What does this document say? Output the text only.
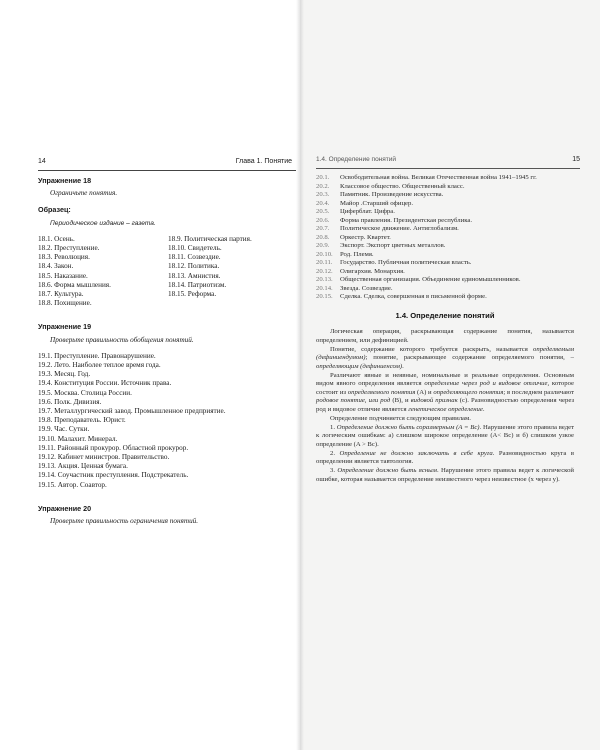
14	Глава 1. Понятие
Упражнение 18
Ограничьте понятия.
Образец:
Периодическое издание – газета.
18.1. Осень.
18.2. Преступление.
18.3. Революция.
18.4. Закон.
18.5. Наказание.
18.6. Форма мышления.
18.7. Культура.
18.8. Похищение.
18.9. Политическая партия.
18.10. Свидетель.
18.11. Созвездие.
18.12. Политика.
18.13. Амнистия.
18.14. Патриотизм.
18.15. Реформа.
Упражнение 19
Проверьте правильность обобщения понятий.
19.1. Преступление. Правонарушение.
19.2. Лето. Наиболее теплое время года.
19.3. Месяц. Год.
19.4. Конституция России. Источник права.
19.5. Москва. Столица России.
19.6. Полк. Дивизия.
19.7. Металлургический завод. Промышленное предприятие.
19.8. Преподаватель. Юрист.
19.9. Час. Сутки.
19.10. Малахит. Минерал.
19.11. Районный прокурор. Областной прокурор.
19.12. Кабинет министров. Правительство.
19.13. Акция. Ценная бумага.
19.14. Соучастник преступления. Подстрекатель.
19.15. Автор. Соавтор.
Упражнение 20
Проверьте правильность ограничения понятий.
1.4. Определение понятий	15
20.1.	Освободительная война. Великая Отечественная война 1941–1945 гг.
20.2.	Классовое общество. Общественный класс.
20.3.	Памятник. Произведение искусства.
20.4.	Майор .Старший офицер.
20.5.	Циферблат. Цифра.
20.6.	Форма правления. Президентская республика.
20.7.	Политическое движение. Антиглобализм.
20.8.	Оркестр. Квартет.
20.9.	Экспорт. Экспорт цветных металлов.
20.10.	Род. Племя.
20.11.	Государство. Публичная политическая власть.
20.12.	Олигархия. Монархия.
20.13.	Общественная организация. Объединение единомышленников.
20.14.	Звезда. Созвездие.
20.15.	Сделка. Сделка, совершенная в письменной форме.
1.4. Определение понятий

Логическая операция, раскрывающая содержание понятия, называется определением, или дефиницией.

Понятие, содержание которого требуется раскрыть, называется определяемым (дефиниендумом); понятие, раскрывающее содержание определяемого понятия, – определяющим (дефиниенсом).

Различают явные и неявные, номинальные и реальные определения. Основным видом явного определения является определение через род и видовое отличие, которое состоит из определяемого понятия (A) и определяющего понятия; в последнем различают родовое понятие, или род (B), и видовой признак (c). Разновидностью определения через род и видовое отличие является генетическое определение.

Определение подчиняется следующим правилам.

1. Определение должно быть соразмерным (A = Bc). Нарушение этого правила ведет к логическим ошибкам: а) слишком широкое определение (A< Bc) и б) слишком узкое определение (A > Bc).

2. Определение не должно заключать в себе круга. Разновидностью круга в определении является тавтология.

3. Определение должно быть ясным. Нарушение этого правила ведет к логической ошибке, которая называется определение неизвестного через неизвестное (x через y).
